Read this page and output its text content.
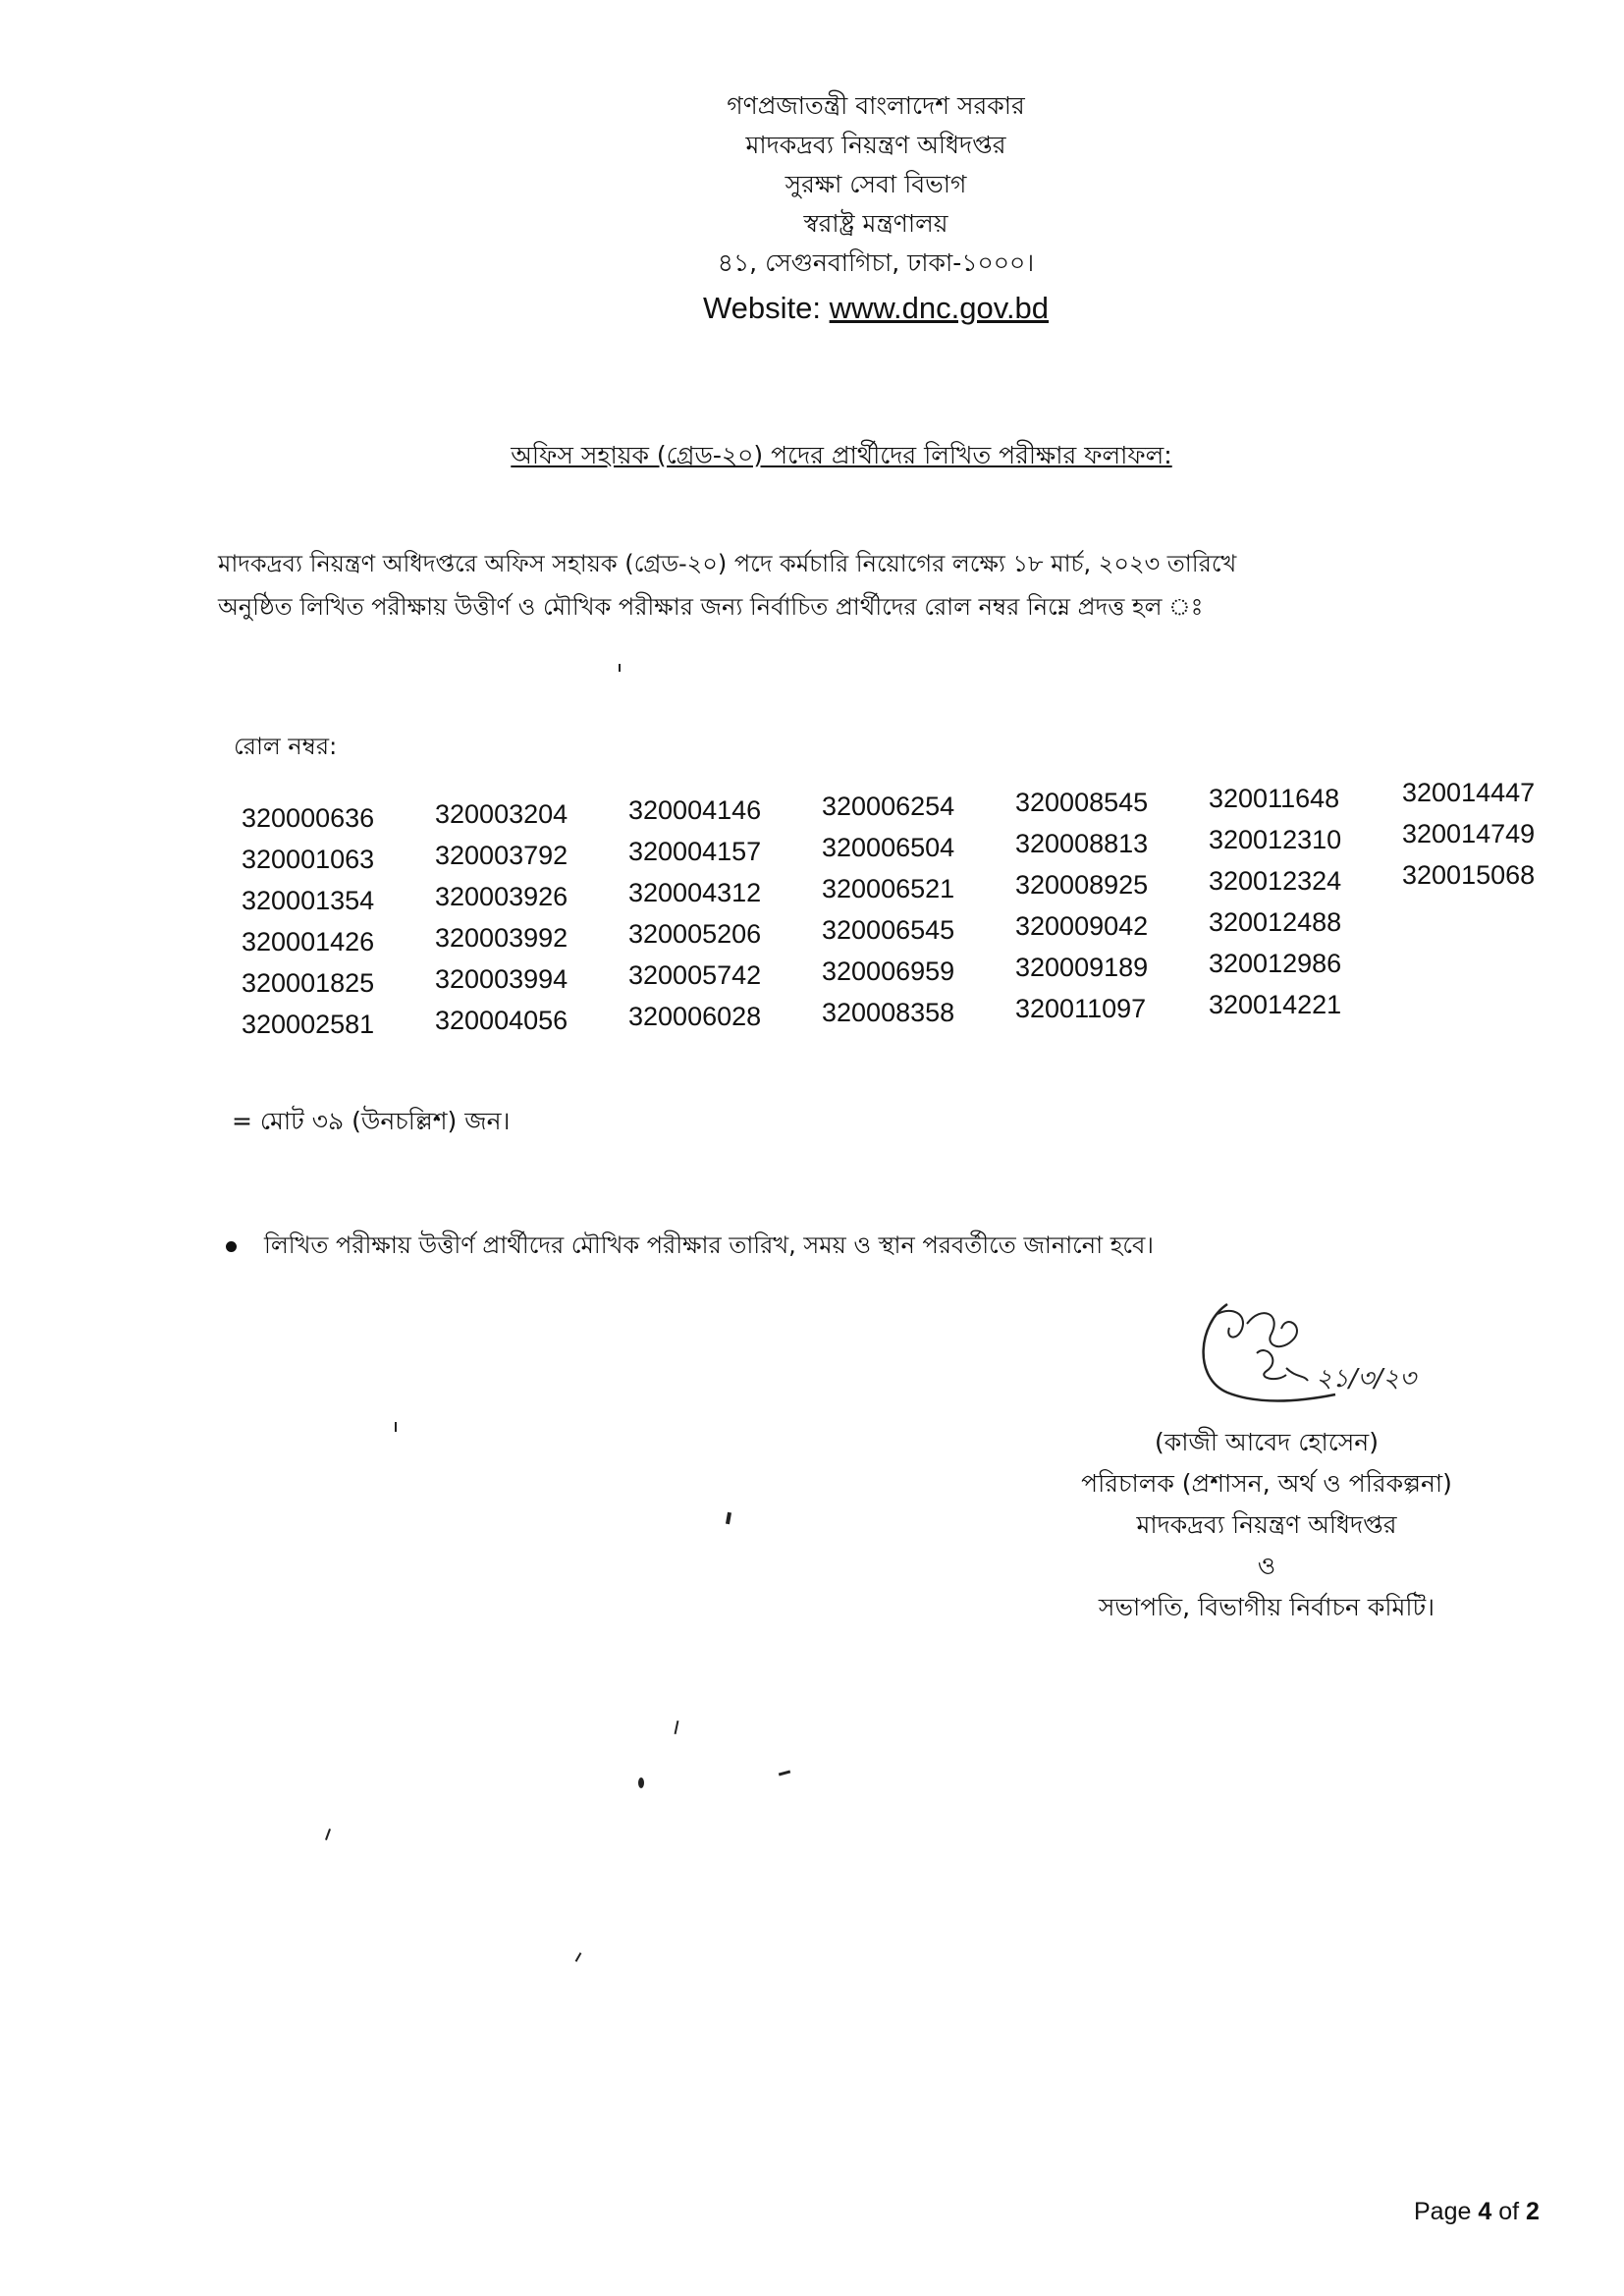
গণপ্রজাতন্ত্রী বাংলাদেশ সরকার
মাদকদ্রব্য নিয়ন্ত্রণ অধিদপ্তর
সুরক্ষা সেবা বিভাগ
স্বরাষ্ট্র মন্ত্রণালয়
৪১, সেগুনবাগিচা, ঢাকা-১০০০।
Website: www.dnc.gov.bd
অফিস সহায়ক (গ্রেড-২০) পদের প্রার্থীদের লিখিত পরীক্ষার ফলাফল:

মাদকদ্রব্য নিয়ন্ত্রণ অধিদপ্তরে অফিস সহায়ক (গ্রেড-২০) পদে কর্মচারি নিয়োগের লক্ষ্যে ১৮ মার্চ, ২০২৩ তারিখে

অনুষ্ঠিত লিখিত পরীক্ষায় উত্তীর্ণ ও মৌখিক পরীক্ষার জন্য নির্বাচিত প্রার্থীদের রোল নম্বর নিম্নে প্রদত্ত হল ঃ

রোল নম্বর:
320000636
320001063
320001354
320001426
320001825
320002581
320003204
320003792
320003926
320003992
320003994
320004056
320004146
320004157
320004312
320005206
320005742
320006028
320006254
320006504
320006521
320006545
320006959
320008358
320008545
320008813
320008925
320009042
320009189
320011097
320011648
320012310
320012324
320012488
320012986
320014221
320014447
320014749
320015068
= মোট ৩৯ (উনচল্লিশ) জন।
লিখিত পরীক্ষায় উত্তীর্ণ প্রার্থীদের মৌখিক পরীক্ষার তারিখ, সময় ও স্থান পরবর্তীতে জানানো হবে।
২১/৩/২৩
(কাজী আবেদ হোসেন)
পরিচালক (প্রশাসন, অর্থ ও পরিকল্পনা)
মাদকদ্রব্য নিয়ন্ত্রণ অধিদপ্তর
ও
সভাপতি, বিভাগীয় নির্বাচন কমিটি।
Page 4 of 2
